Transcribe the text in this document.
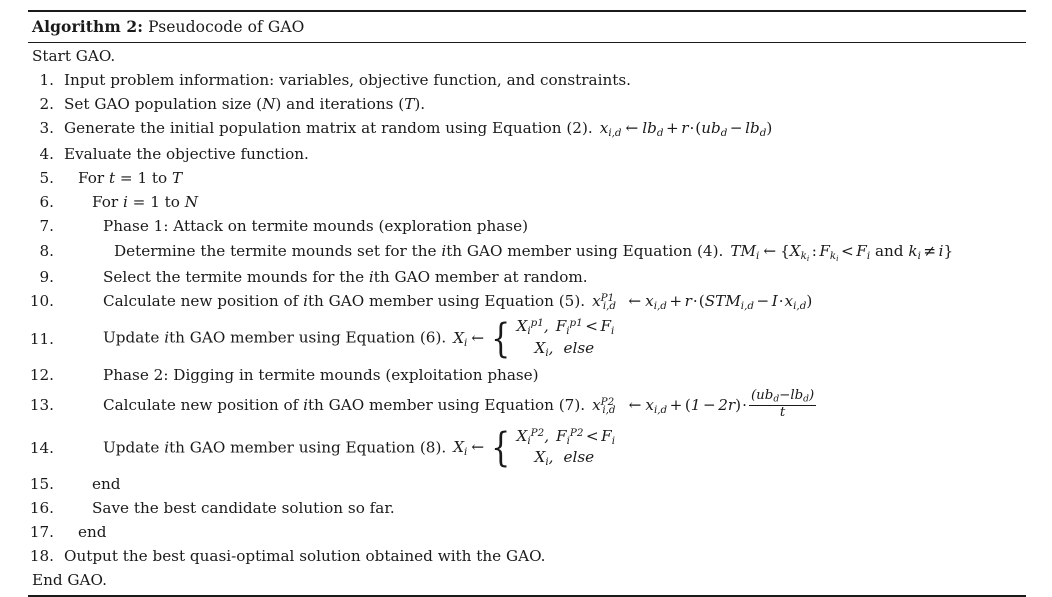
Algorithm 2: Pseudocode of GAO
Start GAO.
1. Input problem information: variables, objective function, and constraints.
2. Set GAO population size (N) and iterations (T).
3. Generate the initial population matrix at random using Equation (2). $x_{i,d}$ ← $lb_d + r\cdot(ub_d - lb_d)$
4. Evaluate the objective function.
5.	For t = 1 to T
6.	For i = 1 to N
7.	Phase 1: Attack on termite mounds (exploration phase)
8.	Determine the termite mounds set for the ith GAO member using Equation (4). $TM_i$ ← {$X_{k_i}$ : $F_{k_i} < F_i$ and $k_i \ne i$}
9.	Select the termite mounds for the ith GAO member at random.
10.	Calculate new position of ith GAO member using Equation (5). $x^{P1}_{i,d}$ ← $x_{i,d} + r\cdot(STM_{i,d} - I\cdot x_{i,d})$
11.	Update ith GAO member using Equation (6). $X_i$ ← { $X_i^{p1}$, $F_i^{p1} < F_i$
$X_i$, else
12.	Phase 2: Digging in termite mounds (exploitation phase)
13.	Calculate new position of ith GAO member using Equation (7). $x^{P2}_{i,d}$ ← $x_{i,d} + (1 - 2r)\cdot \frac{(ub_d-lb_d)}{t}$
14.	Update ith GAO member using Equation (8). $X_i$ ← { $X_i^{P2}$, $F_i^{P2} < F_i$
$X_i$, else
15.	end
16.	Save the best candidate solution so far.
17.	end
18. Output the best quasi-optimal solution obtained with the GAO.
End GAO.
